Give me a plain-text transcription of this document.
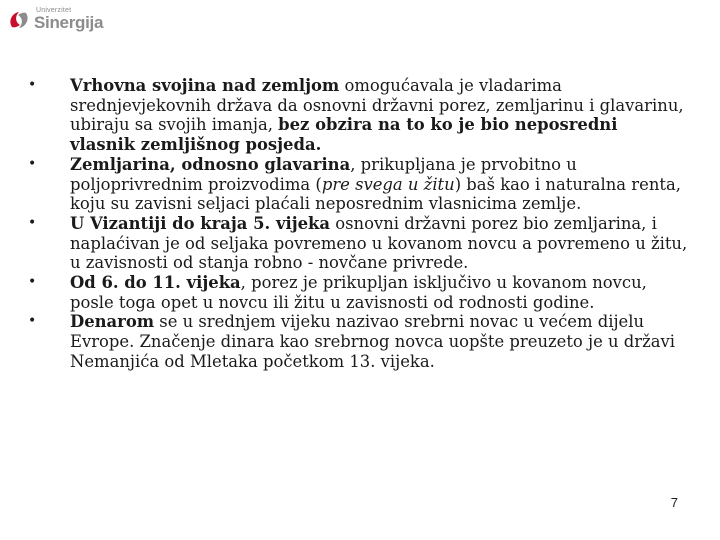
Univerzitet
Sinergija
•	Vrhovna svojina nad zemljom omogućavala je vladarima srednjevjekovnih država da osnovni državni porez, zemljarinu i glavarinu, ubiraju sa svojih imanja, bez obzira na to ko je bio neposredni vlasnik zemljišnog posjeda.
•	Zemljarina, odnosno glavarina, prikupljana je prvobitno u poljoprivrednim proizvodima (pre svega u žitu) baš kao i naturalna renta, koju su zavisni seljaci plaćali neposrednim vlasnicima zemlje.
•	U Vizantiji do kraja 5. vijeka osnovni državni porez bio zemljarina, i naplaćivan je od seljaka povremeno u kovanom novcu a povremeno u žitu, u zavisnosti od stanja robno - novčane privrede.
•	Od 6. do 11. vijeka, porez je prikupljan isključivo u kovanom novcu, posle toga opet u novcu ili žitu u zavisnosti od rodnosti godine.
•	Denarom se u srednjem vijeku nazivao srebrni novac u većem dijelu Evrope. Značenje dinara kao srebrnog novca uopšte preuzeto je u državi Nemanjića od Mletaka početkom 13. vijeka.
7
